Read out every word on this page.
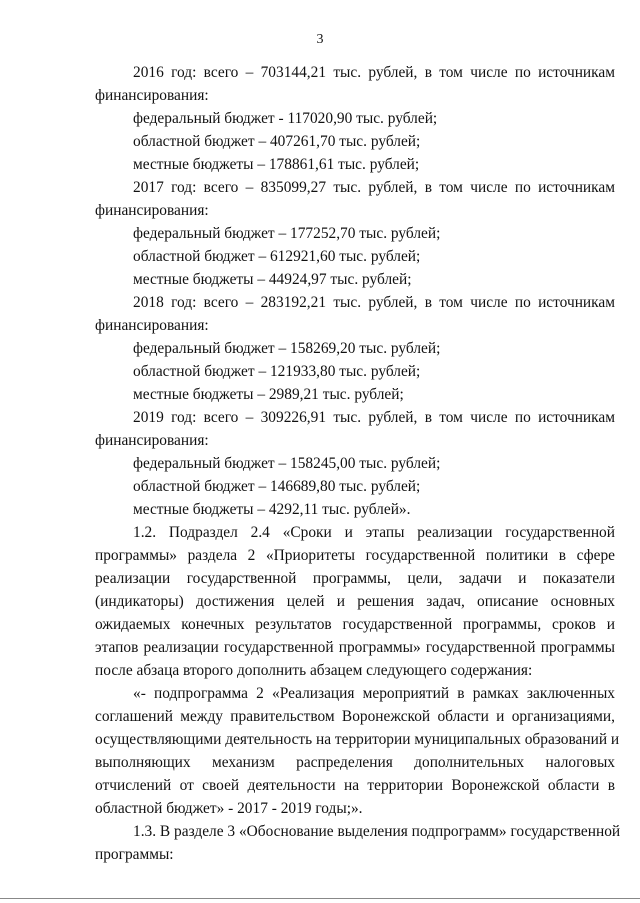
3
2016 год: всего – 703144,21 тыс. рублей, в том числе по источникам
финансирования:
федеральный бюджет - 117020,90 тыс. рублей;
областной бюджет – 407261,70 тыс. рублей;
местные бюджеты – 178861,61 тыс. рублей;
2017 год: всего – 835099,27 тыс. рублей, в том числе по источникам
финансирования:
федеральный бюджет – 177252,70 тыс. рублей;
областной бюджет – 612921,60 тыс. рублей;
местные бюджеты – 44924,97 тыс. рублей;
2018 год: всего – 283192,21 тыс. рублей, в том числе по источникам
финансирования:
федеральный бюджет – 158269,20 тыс. рублей;
областной бюджет – 121933,80 тыс. рублей;
местные бюджеты – 2989,21 тыс. рублей;
2019 год: всего – 309226,91 тыс. рублей, в том числе по источникам
финансирования:
федеральный бюджет – 158245,00 тыс. рублей;
областной бюджет – 146689,80 тыс. рублей;
местные бюджеты – 4292,11 тыс. рублей».
1.2. Подраздел 2.4 «Сроки и этапы реализации государственной
программы» раздела 2 «Приоритеты государственной политики в сфере
реализации государственной программы, цели, задачи и показатели
(индикаторы) достижения целей и решения задач, описание основных
ожидаемых конечных результатов государственной программы, сроков и
этапов реализации государственной программы» государственной программы
после абзаца второго дополнить абзацем следующего содержания:
«- подпрограмма 2 «Реализация мероприятий в рамках заключенных
соглашений между правительством Воронежской области и организациями,
осуществляющими деятельность на территории муниципальных образований и
выполняющих механизм распределения дополнительных налоговых
отчислений от своей деятельности на территории Воронежской области в
областной бюджет» - 2017 - 2019 годы;».
1.3. В разделе 3 «Обоснование выделения подпрограмм» государственной
программы:
